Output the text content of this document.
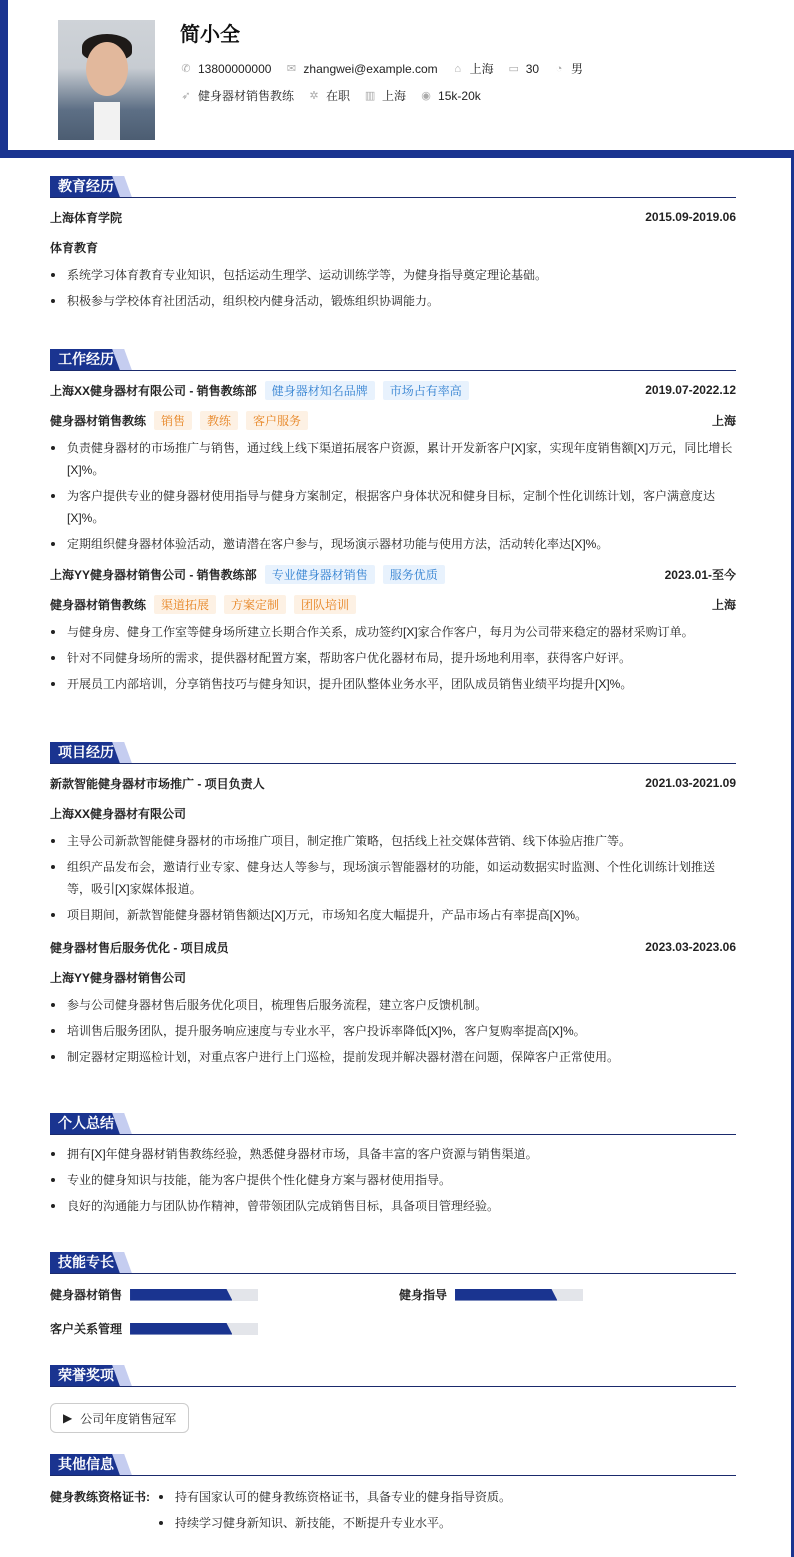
简小全
✆ 13800000000 ✉ zhangwei@example.com ⌂ 上海 ▭ 30 ◔ 男
➶ 健身器材销售教练 ✲ 在职 ▥ 上海 ◉ 15k-20k
教育经历
上海体育学院	2015.09-2019.06
体育教育
系统学习体育教育专业知识，包括运动生理学、运动训练学等，为健身指导奠定理论基础。
积极参与学校体育社团活动，组织校内健身活动，锻炼组织协调能力。
工作经历
上海XX健身器材有限公司 - 销售教练部	健身器材知名品牌	市场占有率高	2019.07-2022.12
健身器材销售教练	销售	教练	客户服务	上海
负责健身器材的市场推广与销售，通过线上线下渠道拓展客户资源，累计开发新客户[X]家，实现年度销售额[X]万元，同比增长[X]%。
为客户提供专业的健身器材使用指导与健身方案制定，根据客户身体状况和健身目标，定制个性化训练计划，客户满意度达[X]%。
定期组织健身器材体验活动，邀请潜在客户参与，现场演示器材功能与使用方法，活动转化率达[X]%。
上海YY健身器材销售公司 - 销售教练部	专业健身器材销售	服务优质	2023.01-至今
健身器材销售教练	渠道拓展	方案定制	团队培训	上海
与健身房、健身工作室等健身场所建立长期合作关系，成功签约[X]家合作客户，每月为公司带来稳定的器材采购订单。
针对不同健身场所的需求，提供器材配置方案，帮助客户优化器材布局，提升场地利用率，获得客户好评。
开展员工内部培训，分享销售技巧与健身知识，提升团队整体业务水平，团队成员销售业绩平均提升[X]%。
项目经历
新款智能健身器材市场推广 - 项目负责人	2021.03-2021.09
上海XX健身器材有限公司
主导公司新款智能健身器材的市场推广项目，制定推广策略，包括线上社交媒体营销、线下体验店推广等。
组织产品发布会，邀请行业专家、健身达人等参与，现场演示智能器材的功能，如运动数据实时监测、个性化训练计划推送等，吸引[X]家媒体报道。
项目期间，新款智能健身器材销售额达[X]万元，市场知名度大幅提升，产品市场占有率提高[X]%。
健身器材售后服务优化 - 项目成员	2023.03-2023.06
上海YY健身器材销售公司
参与公司健身器材售后服务优化项目，梳理售后服务流程，建立客户反馈机制。
培训售后服务团队，提升服务响应速度与专业水平，客户投诉率降低[X]%，客户复购率提高[X]%。
制定器材定期巡检计划，对重点客户进行上门巡检，提前发现并解决器材潜在问题，保障客户正常使用。
个人总结
拥有[X]年健身器材销售教练经验，熟悉健身器材市场，具备丰富的客户资源与销售渠道。
专业的健身知识与技能，能为客户提供个性化健身方案与器材使用指导。
良好的沟通能力与团队协作精神，曾带领团队完成销售目标，具备项目管理经验。
技能专长
健身器材销售	健身指导
客户关系管理
荣誉奖项
▶ 公司年度销售冠军
其他信息
健身教练资格证书:	持有国家认可的健身教练资格证书，具备专业的健身指导资质。
持续学习健身新知识、新技能，不断提升专业水平。
